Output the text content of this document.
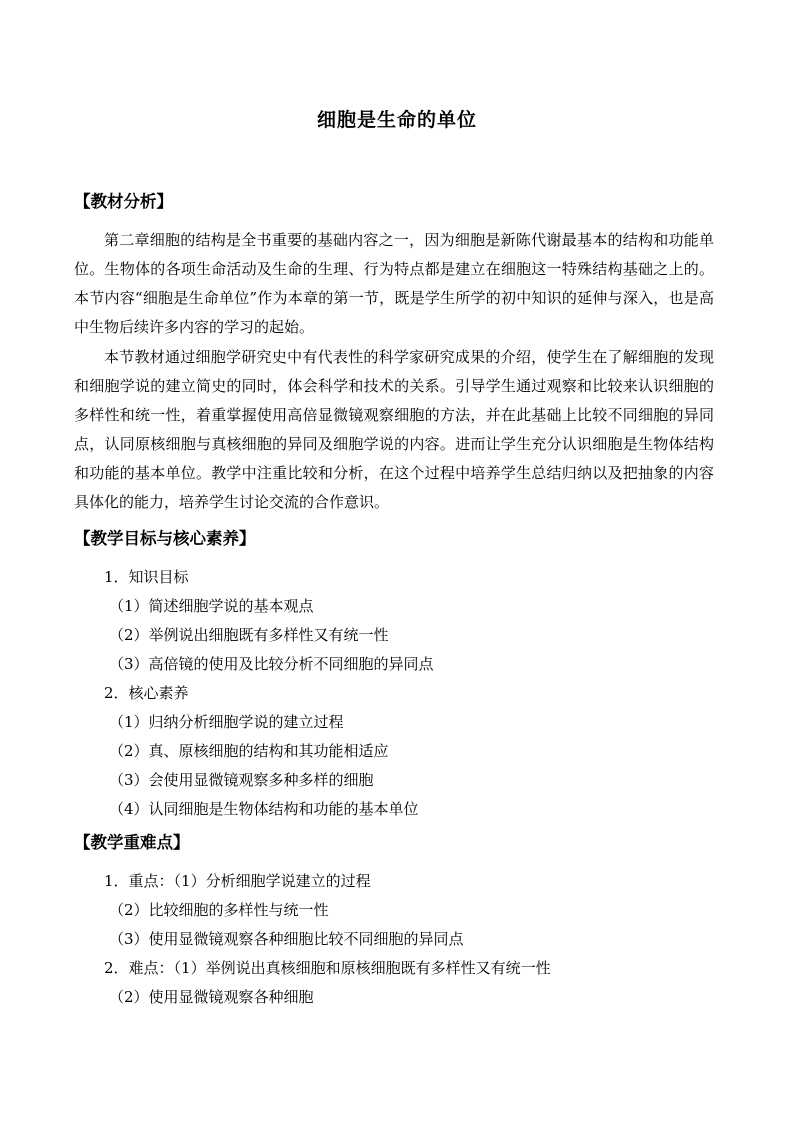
细胞是生命的单位
【教材分析】
第二章细胞的结构是全书重要的基础内容之一，因为细胞是新陈代谢最基本的结构和功能单位。生物体的各项生命活动及生命的生理、行为特点都是建立在细胞这一特殊结构基础之上的。本节内容“细胞是生命单位”作为本章的第一节，既是学生所学的初中知识的延伸与深入，也是高中生物后续许多内容的学习的起始。
本节教材通过细胞学研究史中有代表性的科学家研究成果的介绍，使学生在了解细胞的发现和细胞学说的建立简史的同时，体会科学和技术的关系。引导学生通过观察和比较来认识细胞的多样性和统一性，着重掌握使用高倍显微镜观察细胞的方法，并在此基础上比较不同细胞的异同点，认同原核细胞与真核细胞的异同及细胞学说的内容。进而让学生充分认识细胞是生物体结构和功能的基本单位。教学中注重比较和分析，在这个过程中培养学生总结归纳以及把抽象的内容具体化的能力，培养学生讨论交流的合作意识。
【教学目标与核心素养】
1．知识目标
（1）简述细胞学说的基本观点
（2）举例说出细胞既有多样性又有统一性
（3）高倍镜的使用及比较分析不同细胞的异同点
2．核心素养
（1）归纳分析细胞学说的建立过程
（2）真、原核细胞的结构和其功能相适应
（3）会使用显微镜观察多种多样的细胞
（4）认同细胞是生物体结构和功能的基本单位
【教学重难点】
1．重点：（1）分析细胞学说建立的过程
（2）比较细胞的多样性与统一性
（3）使用显微镜观察各种细胞比较不同细胞的异同点
2．难点：（1）举例说出真核细胞和原核细胞既有多样性又有统一性
（2）使用显微镜观察各种细胞
